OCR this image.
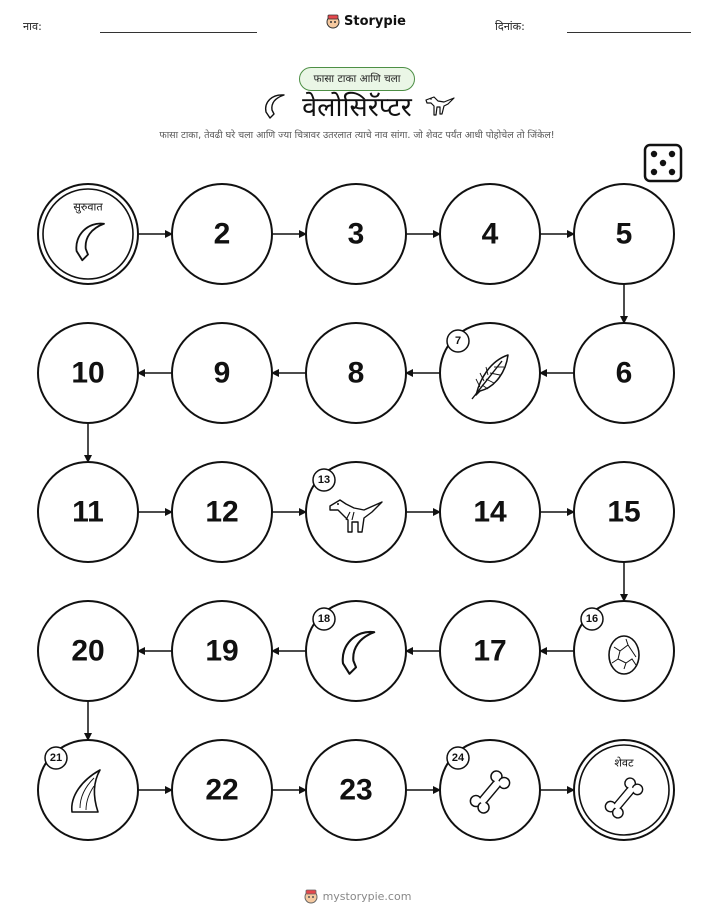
नाव:	Storypie	दिनांक:
फासा टाका आणि चला
वेलोसिरॅप्टर
फासा टाका, तेवढी घरे चला आणि ज्या चित्रावर उतरलात त्याचे नाव सांगा. जो शेवट पर्यंत आधी पोहोचेल तो जिंकेल!
सुरुवात
2	3	4	5
6
7
8
9
10
11	12
13
14	15
16
17
18
19
20
21
22	23
24	शेवट
mystorypie.com
